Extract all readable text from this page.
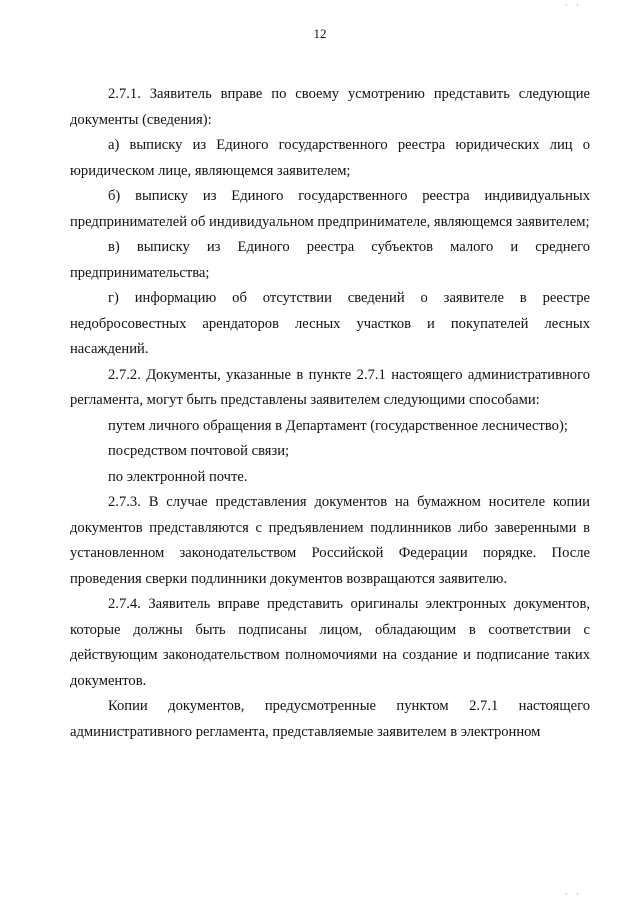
12
· ·

2.7.1. Заявитель вправе по своему усмотрению представить следующие документы (сведения):

а) выписку из Единого государственного реестра юридических лиц о юридическом лице, являющемся заявителем;

б) выписку из Единого государственного реестра индивидуальных предпринимателей об индивидуальном предпринимателе, являющемся заявителем;

в) выписку из Единого реестра субъектов малого и среднего предпринимательства;

г) информацию об отсутствии сведений о заявителе в реестре недобросовестных арендаторов лесных участков и покупателей лесных насаждений.

2.7.2. Документы, указанные в пункте 2.7.1 настоящего административного регламента, могут быть представлены заявителем следующими способами:

путем личного обращения в Департамент (государственное лесничество);

посредством почтовой связи;

по электронной почте.

2.7.3. В случае представления документов на бумажном носителе копии документов представляются с предъявлением подлинников либо заверенными в установленном законодательством Российской Федерации порядке. После проведения сверки подлинники документов возвращаются заявителю.

2.7.4. Заявитель вправе представить оригиналы электронных документов, которые должны быть подписаны лицом, обладающим в соответствии с действующим законодательством полномочиями на создание и подписание таких документов.

Копии документов, предусмотренные пунктом 2.7.1 настоящего административного регламента, представляемые заявителем в электронном

· ·
